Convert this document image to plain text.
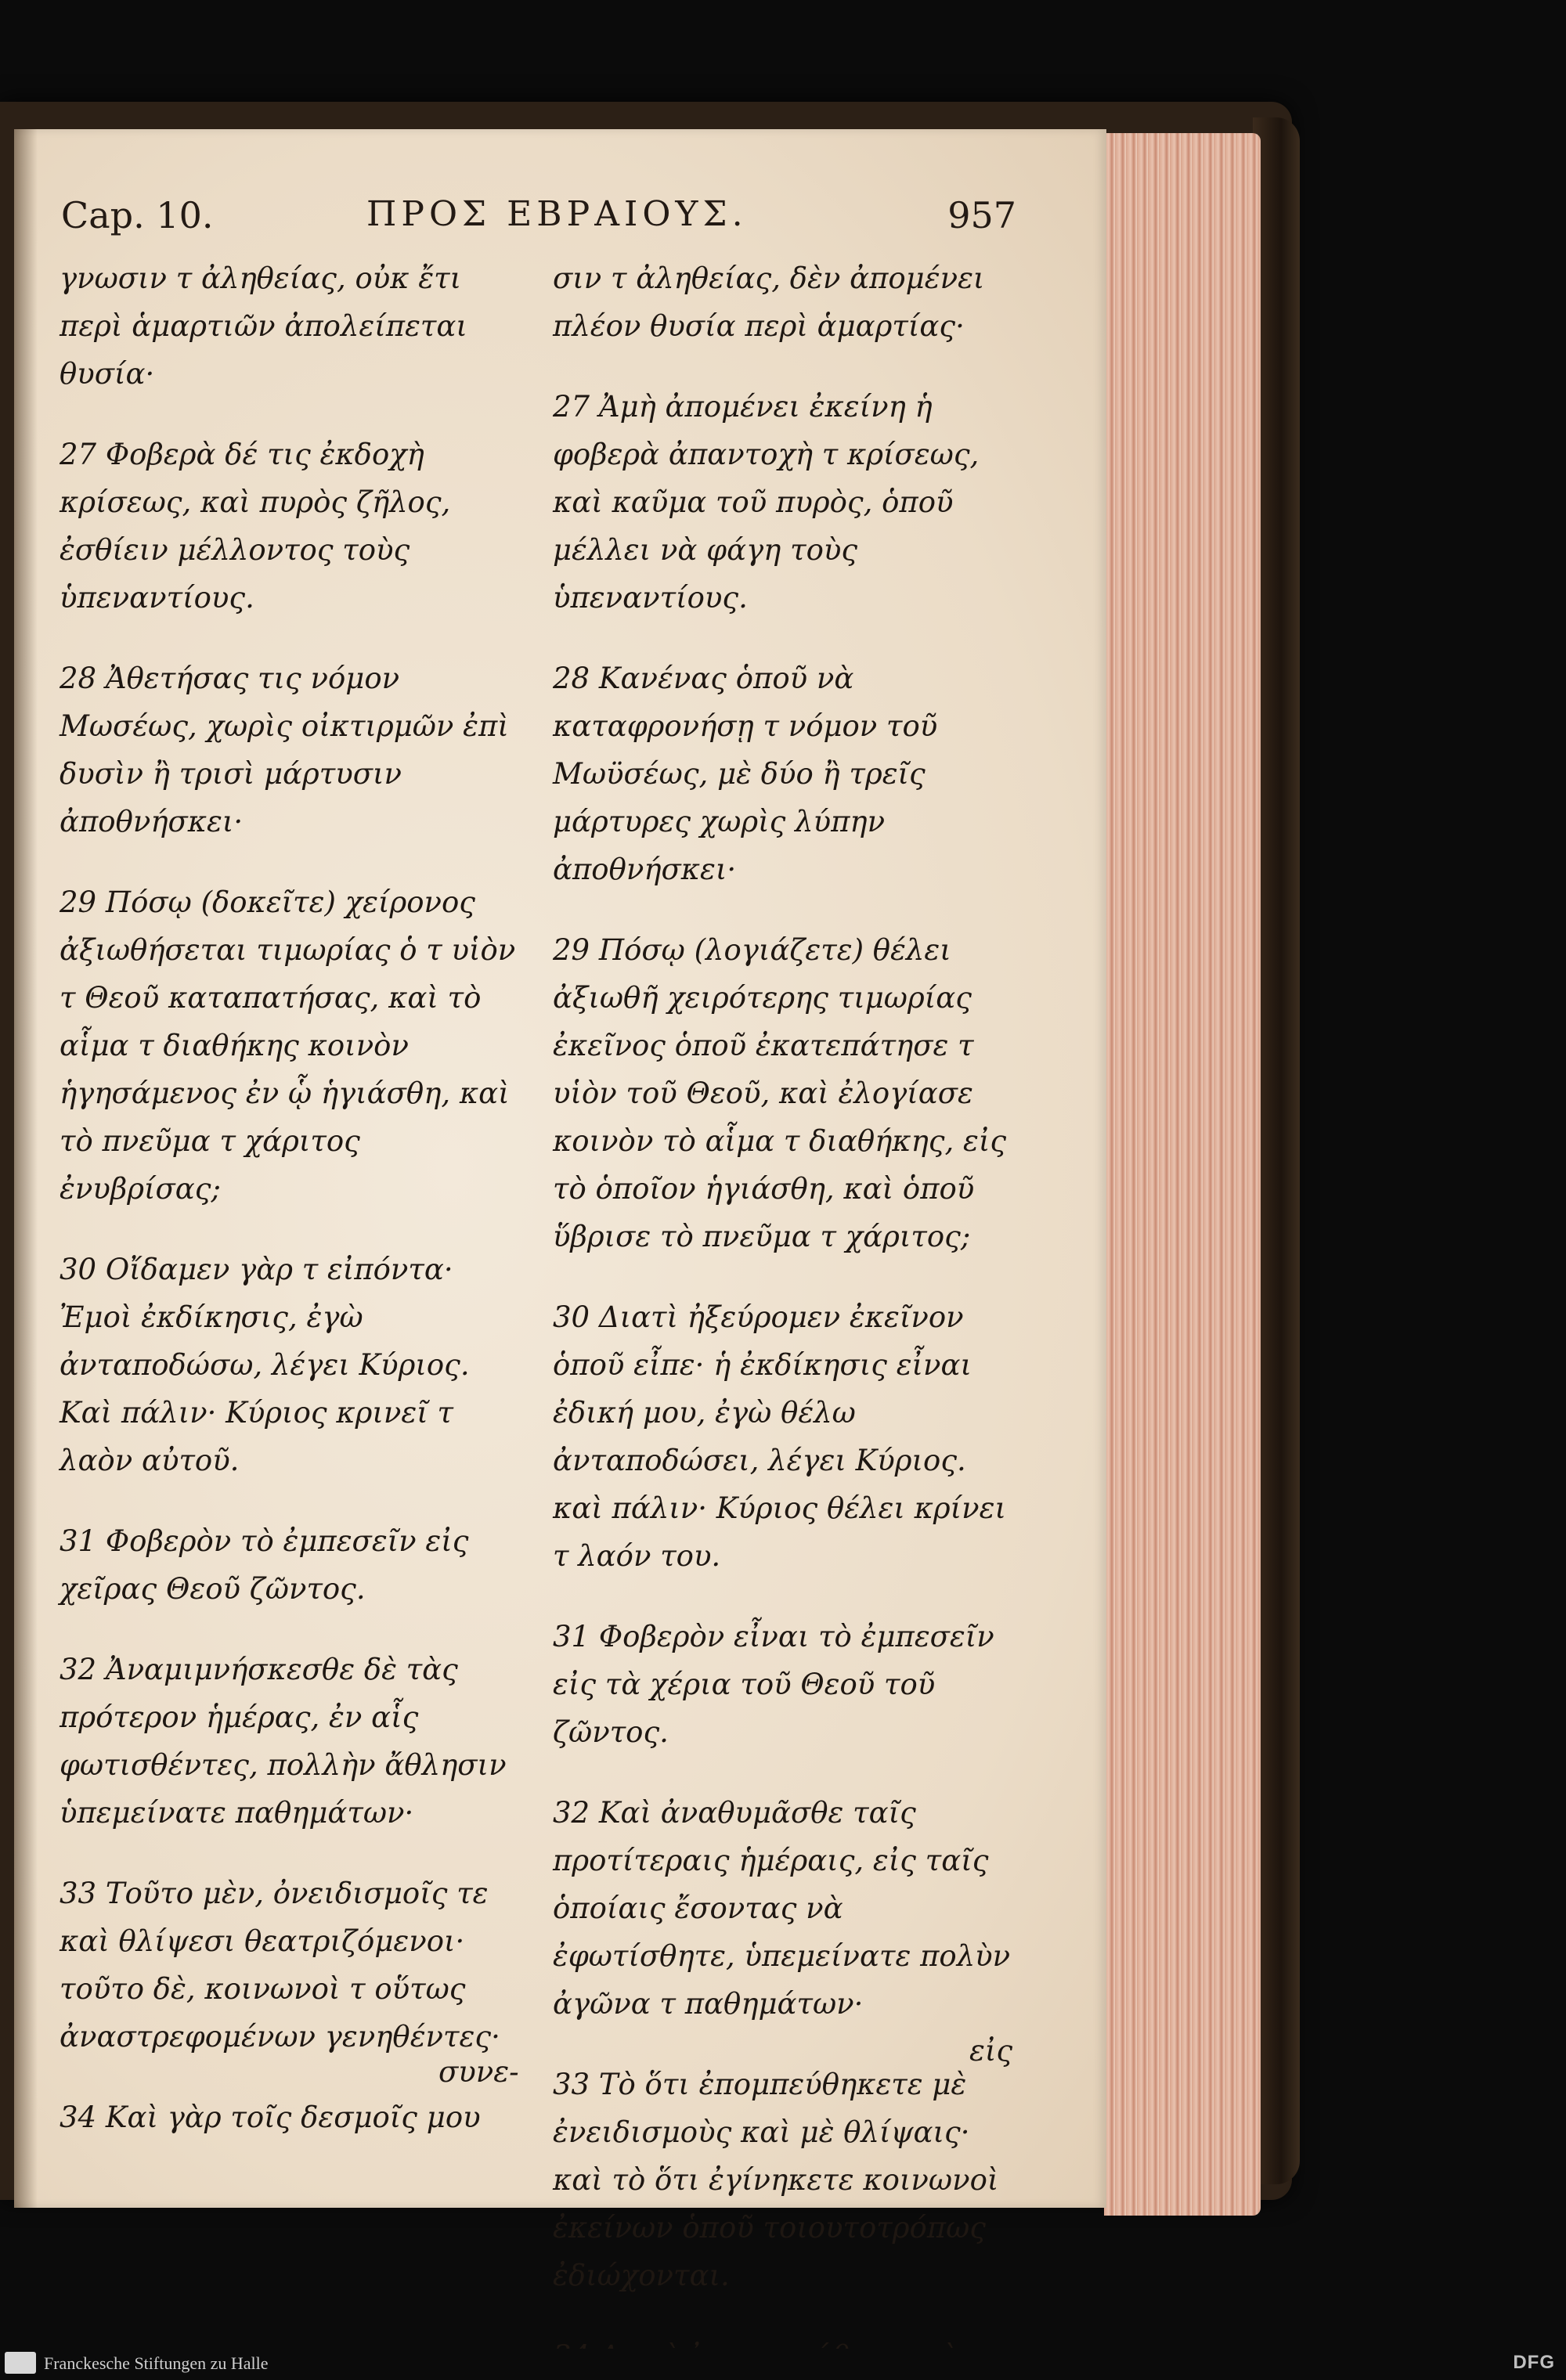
Cap. 10.	ΠΡΟΣ ΕΒΡΑΙΟΥΣ.	957

γνωσιν τ ἀληθείας, οὐκ ἔτι περὶ ἁμαρτιῶν ἀπολείπεται θυσία·

27 Φοβερὰ δέ τις ἐκδοχὴ κρίσεως, καὶ πυρὸς ζῆλος, ἐσθίειν μέλλοντος τοὺς ὑπεναντίους.

28 Ἀθετήσας τις νόμον Μωσέως, χωρὶς οἰκτιρμῶν ἐπὶ δυσὶν ἢ τρισὶ μάρτυσιν ἀποθνήσκει·

29 Πόσῳ (δοκεῖτε) χείρονος ἀξιωθήσεται τιμωρίας ὁ τ υἱὸν τ Θεοῦ καταπατήσας, καὶ τὸ αἷμα τ διαθήκης κοινὸν ἡγησάμενος ἐν ᾧ ἡγιάσθη, καὶ τὸ πνεῦμα τ χάριτος ἐνυβρίσας;

30 Οἴδαμεν γὰρ τ εἰπόντα· Ἐμοὶ ἐκδίκησις, ἐγὼ ἀνταποδώσω, λέγει Κύριος. Καὶ πάλιν· Κύριος κρινεῖ τ λαὸν αὐτοῦ.

31 Φοβερὸν τὸ ἐμπεσεῖν εἰς χεῖρας Θεοῦ ζῶντος.

32 Ἀναμιμνήσκεσθε δὲ τὰς πρότερον ἡμέρας, ἐν αἷς φωτισθέντες, πολλὴν ἄθλησιν ὑπεμείνατε παθημάτων·

33 Τοῦτο μὲν, ὀνειδισμοῖς τε καὶ θλίψεσι θεατριζόμενοι· τοῦτο δὲ, κοινωνοὶ τ οὕτως ἀναστρεφομένων γενηθέντες·

34 Καὶ γὰρ τοῖς δεσμοῖς μου

σιν τ ἀληθείας, δὲν ἀπομένει πλέον θυσία περὶ ἁμαρτίας·

27 Ἀμὴ ἀπομένει ἐκείνη ἡ φοβερὰ ἀπαντοχὴ τ κρίσεως, καὶ καῦμα τοῦ πυρὸς, ὁποῦ μέλλει νὰ φάγη τοὺς ὑπεναντίους.

28 Κανένας ὁποῦ νὰ καταφρονήσῃ τ νόμον τοῦ Μωϋσέως, μὲ δύο ἢ τρεῖς μάρτυρες χωρὶς λύπην ἀποθνήσκει·

29 Πόσῳ (λογιάζετε) θέλει ἀξιωθῆ χειρότερης τιμωρίας ἐκεῖνος ὁποῦ ἐκατεπάτησε τ υἱὸν τοῦ Θεοῦ, καὶ ἐλογίασε κοινὸν τὸ αἷμα τ διαθήκης, εἰς τὸ ὁποῖον ἡγιάσθη, καὶ ὁποῦ ὕβρισε τὸ πνεῦμα τ χάριτος;

30 Διατὶ ἠξεύρομεν ἐκεῖνον ὁποῦ εἶπε· ἡ ἐκδίκησις εἶναι ἐδική μου, ἐγὼ θέλω ἀνταποδώσει, λέγει Κύριος. καὶ πάλιν· Κύριος θέλει κρίνει τ λαόν του.

31 Φοβερὸν εἶναι τὸ ἐμπεσεῖν εἰς τὰ χέρια τοῦ Θεοῦ τοῦ ζῶντος.

32 Καὶ ἀναθυμᾶσθε ταῖς προτίτεραις ἡμέραις, εἰς ταῖς ὁποίαις ἔσοντας νὰ ἐφωτίσθητε, ὑπεμείνατε πολὺν ἀγῶνα τ παθημάτων·

33 Τὸ ὅτι ἐπομπεύθηκετε μὲ ἐνειδισμοὺς καὶ μὲ θλίψαις· καὶ τὸ ὅτι ἐγίνηκετε κοινωνοὶ ἐκείνων ὁποῦ τοιουτοτρόπως ἐδιώχονται.

συνε-
εἰς
Franckesche Stiftungen zu Halle	DFG
